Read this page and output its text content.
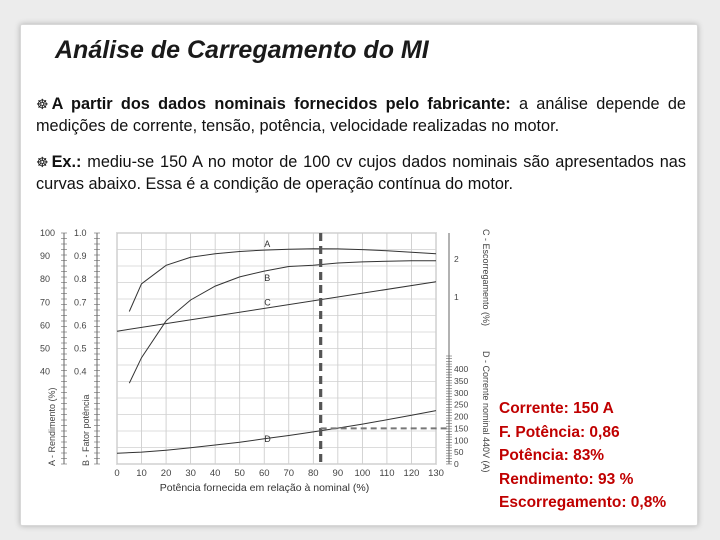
Análise de Carregamento do MI

☸ A partir dos dados nominais fornecidos pelo fabricante: a análise depende de medições de corrente, tensão, potência, velocidade realizadas no motor.

☸ Ex.: mediu-se 150 A no motor de 100 cv cujos dados nominais são apresentados nas curvas abaixo. Essa é a condição de operação contínua do motor.

0 10 20 30 40 50 60 70 80 90 100 110 120 130
Potência fornecida em relação à nominal (%)
100
90
80
70
60
50
40
1.0
0.9
0.8
0.7
0.6
0.5
0.4
A - Rendimento (%)	B - Fator potência
400
350
300
250
200
150
100
50
0
2
1 C - Escorregamento (%)
D - Corrente nominal 440V (A)
A
B
C
D
Corrente: 150 A
F. Potência: 0,86
Potência: 83%
Rendimento: 93 %
Escorregamento: 0,8%
